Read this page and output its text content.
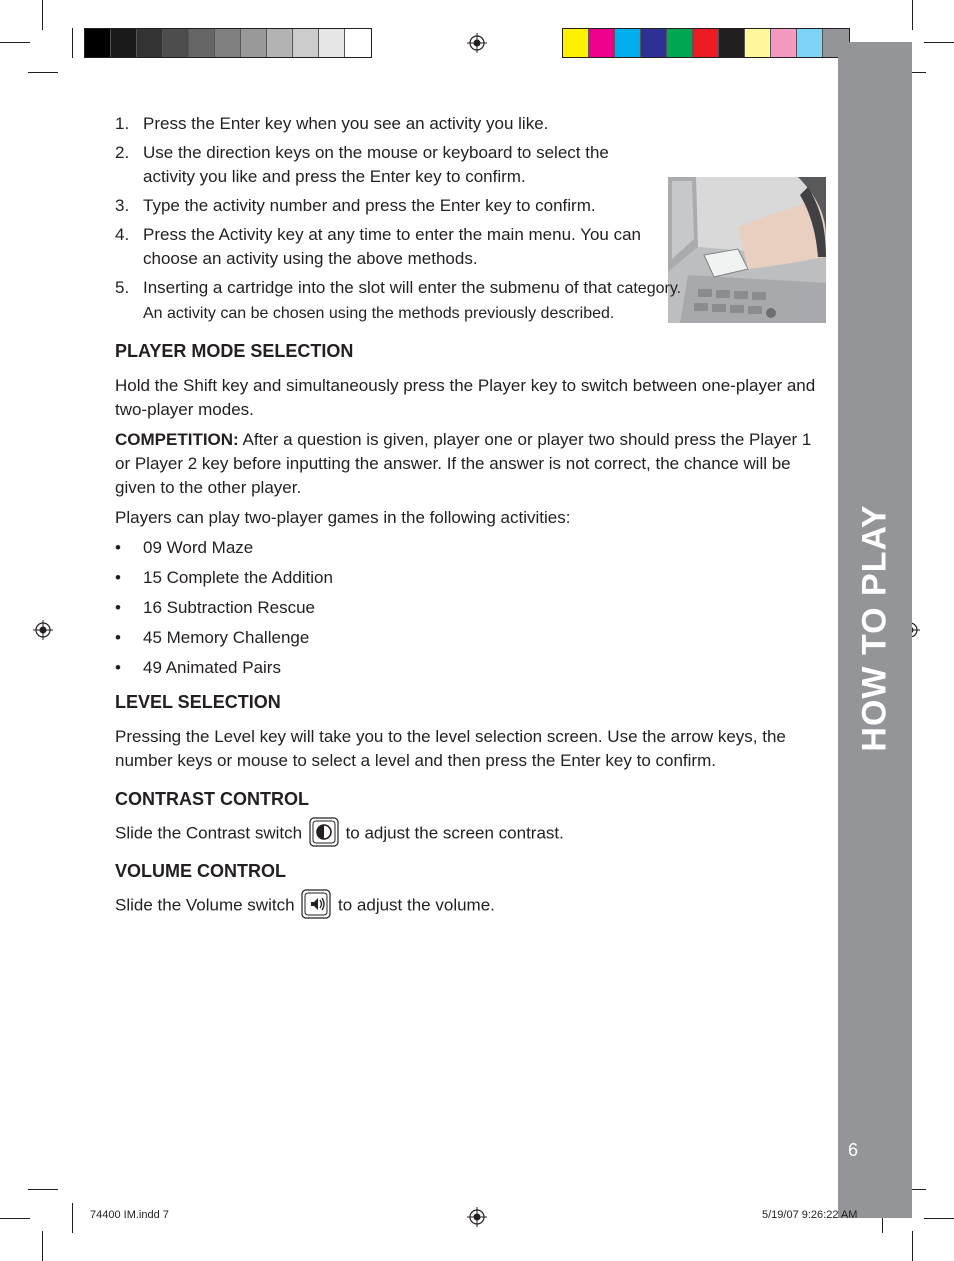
HOW TO PLAY
6
1. Press the Enter key when you see an activity you like.
2. Use the direction keys on the mouse or keyboard to select the activity you like and press the Enter key to confirm.
3. Type the activity number and press the Enter key to confirm.
4. Press the Activity key at any time to enter the main menu. You can choose an activity using the above methods.
5. Inserting a cartridge into the slot will enter the submenu of that category. An activity can be chosen using the methods previously described.
PLAYER MODE SELECTION

Hold the Shift key and simultaneously press the Player key to switch between one-player and two-player modes.

COMPETITION: After a question is given, player one or player two should press the Player 1 or Player 2 key before inputting the answer. If the answer is not correct, the chance will be given to the other player.

Players can play two-player games in the following activities:

• 09 Word Maze
• 15 Complete the Addition
• 16 Subtraction Rescue
• 45 Memory Challenge
• 49 Animated Pairs
LEVEL SELECTION

Pressing the Level key will take you to the level selection screen. Use the arrow keys, the number keys or mouse to select a level and then press the Enter key to confirm.

CONTRAST CONTROL

Slide the Contrast switch	to adjust the screen contrast.

VOLUME CONTROL

Slide the Volume switch	to adjust the volume.

74400 IM.indd 7	5/19/07 9:26:22 AM
